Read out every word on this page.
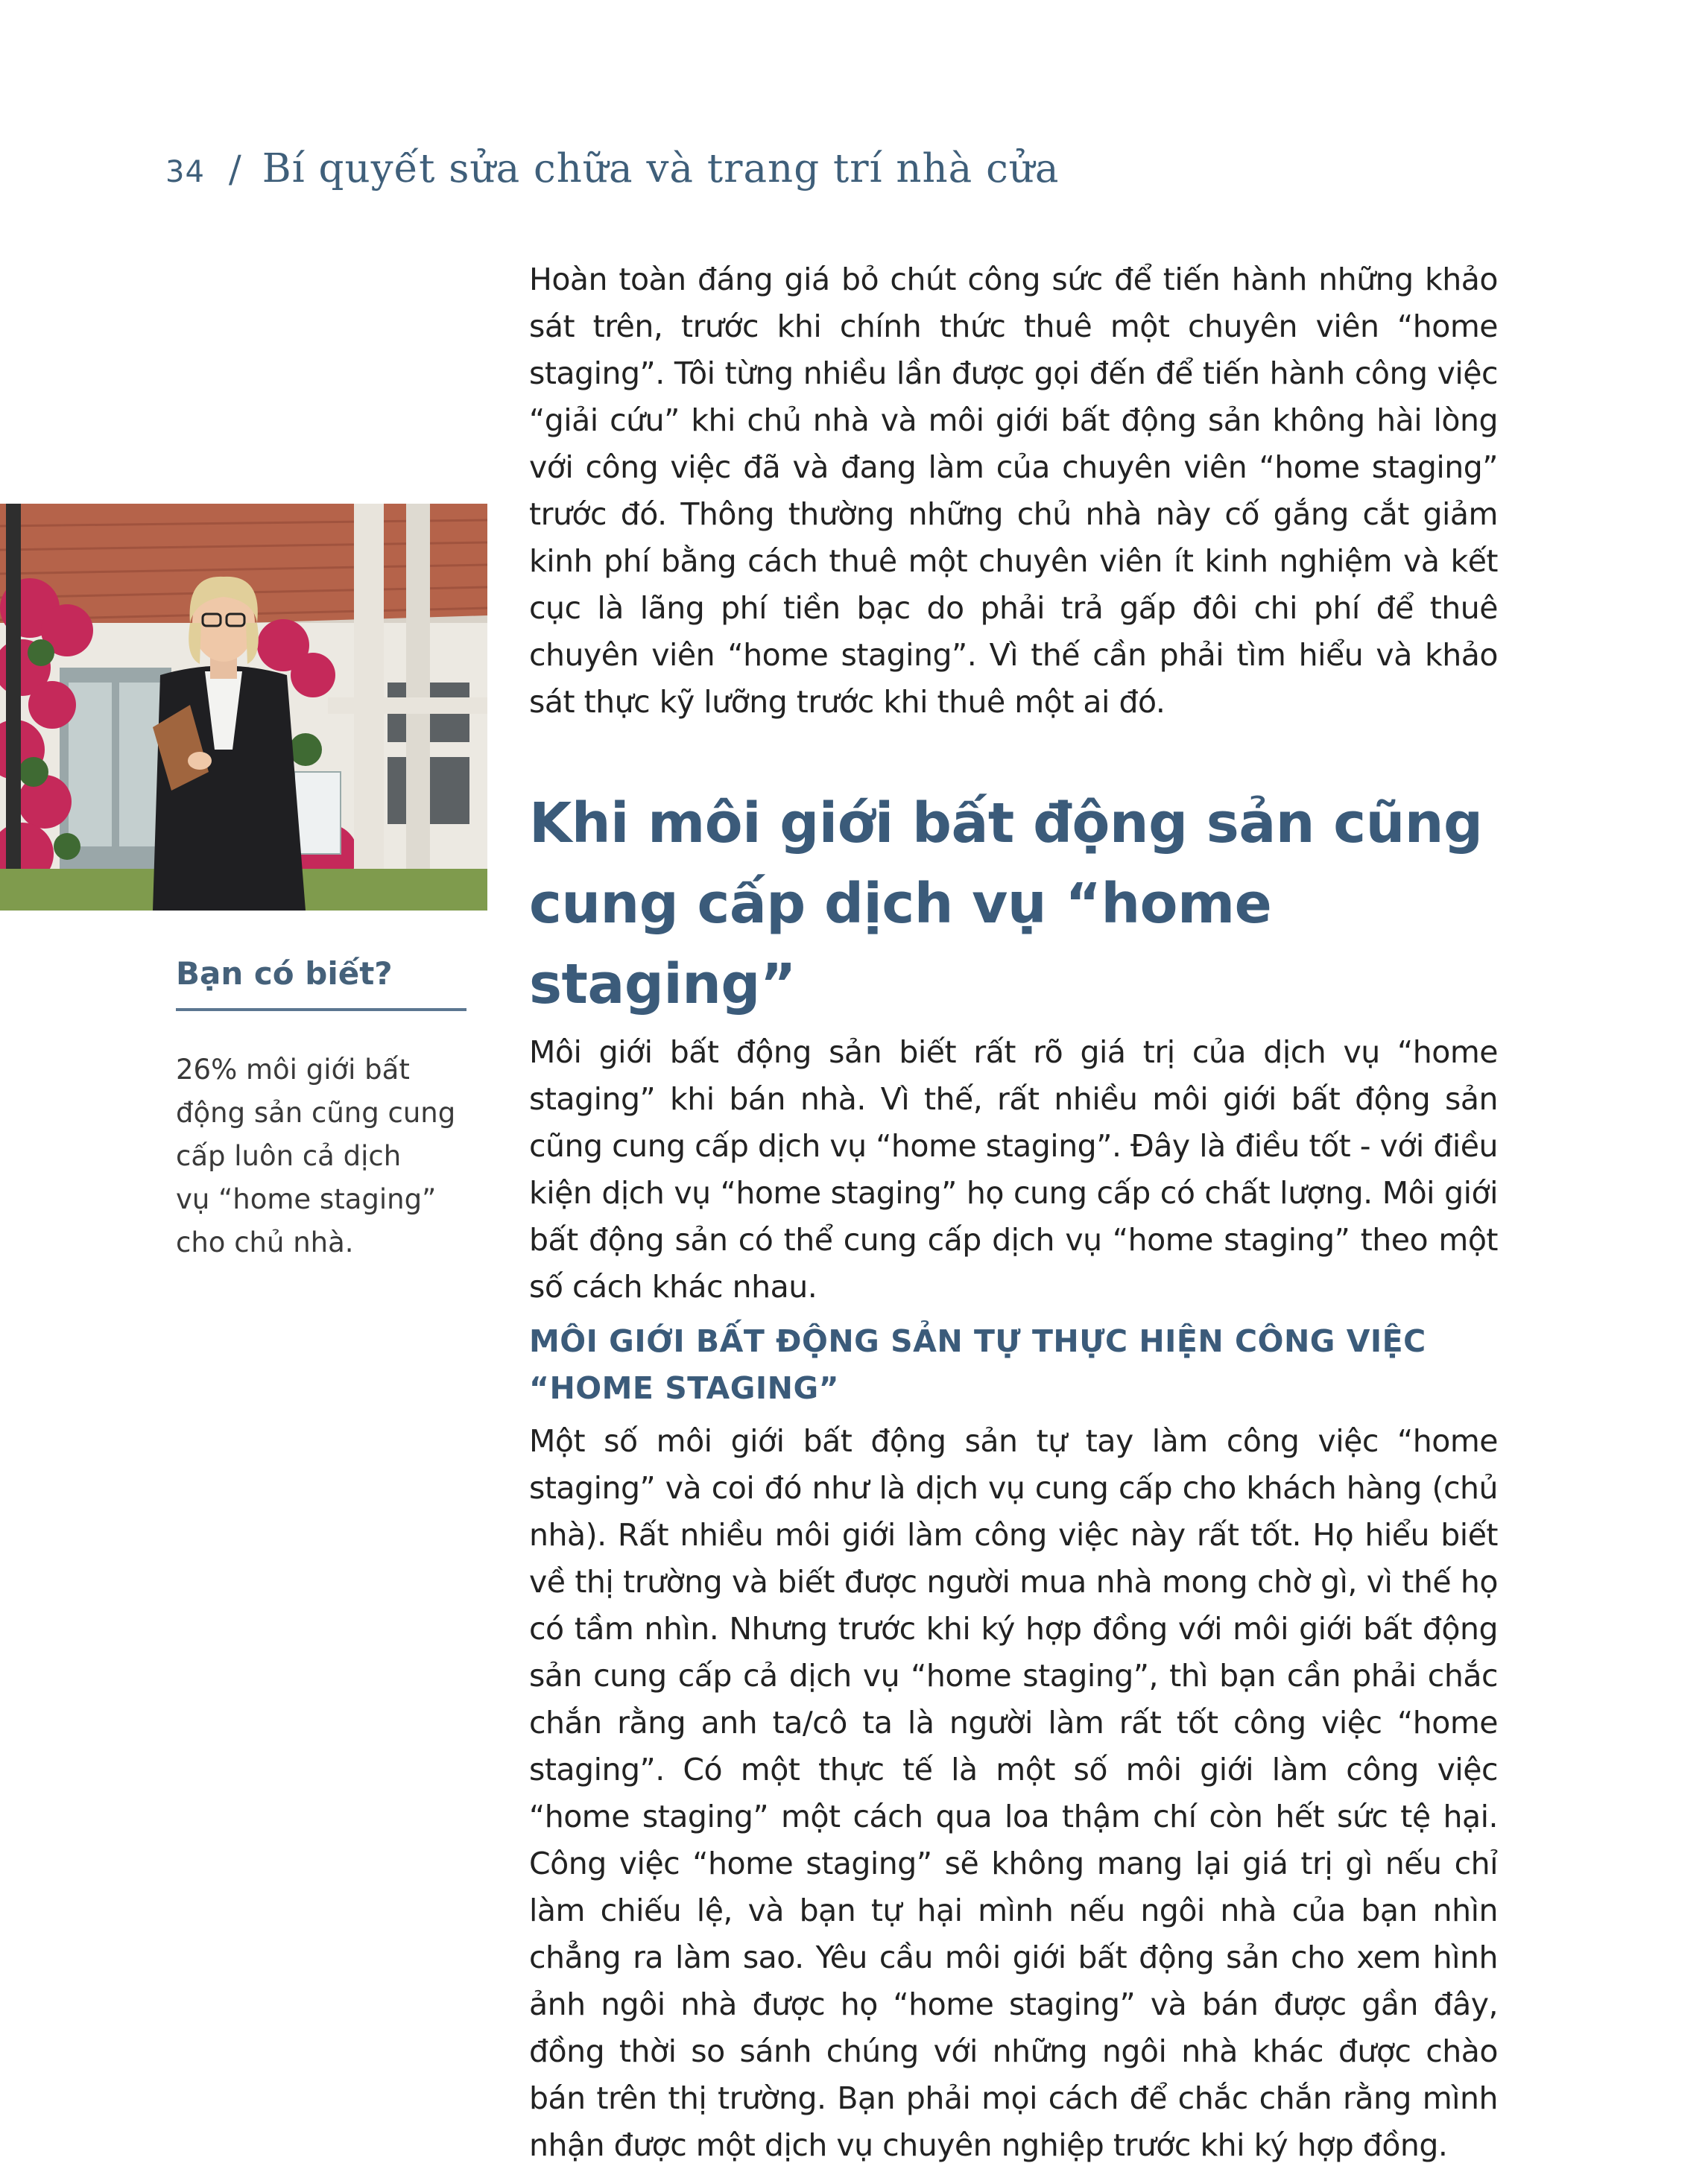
34 / Bí quyết sửa chữa và trang trí nhà cửa
Bạn có biết?
26% môi giới bất
động sản cũng cung
cấp luôn cả dịch
vụ “home staging”
cho chủ nhà.

Hoàn toàn đáng giá bỏ chút công sức để tiến hành những khảo sát trên, trước khi chính thức thuê một chuyên viên “home staging”. Tôi từng nhiều lần được gọi đến để tiến hành công việc “giải cứu” khi chủ nhà và môi giới bất động sản không hài lòng với công việc đã và đang làm của chuyên viên “home staging” trước đó. Thông thường những chủ nhà này cố gắng cắt giảm kinh phí bằng cách thuê một chuyên viên ít kinh nghiệm và kết cục là lãng phí tiền bạc do phải trả gấp đôi chi phí để thuê chuyên viên “home staging”. Vì thế cần phải tìm hiểu và khảo sát thực kỹ lưỡng trước khi thuê một ai đó.

Khi môi giới bất động sản cũng
cung cấp dịch vụ “home staging”

Môi giới bất động sản biết rất rõ giá trị của dịch vụ “home staging” khi bán nhà. Vì thế, rất nhiều môi giới bất động sản cũng cung cấp dịch vụ “home staging”. Đây là điều tốt - với điều kiện dịch vụ “home staging” họ cung cấp có chất lượng. Môi giới bất động sản có thể cung cấp dịch vụ “home staging” theo một số cách khác nhau.

MÔI GIỚI BẤT ĐỘNG SẢN TỰ THỰC HIỆN CÔNG VIỆC
“HOME STAGING”

Một số môi giới bất động sản tự tay làm công việc “home staging” và coi đó như là dịch vụ cung cấp cho khách hàng (chủ nhà). Rất nhiều môi giới làm công việc này rất tốt. Họ hiểu biết về thị trường và biết được người mua nhà mong chờ gì, vì thế họ có tầm nhìn. Nhưng trước khi ký hợp đồng với môi giới bất động sản cung cấp cả dịch vụ “home staging”, thì bạn cần phải chắc chắn rằng anh ta/cô ta là người làm rất tốt công việc “home staging”. Có một thực tế là một số môi giới làm công việc “home staging” một cách qua loa thậm chí còn hết sức tệ hại. Công việc “home staging” sẽ không mang lại giá trị gì nếu chỉ làm chiếu lệ, và bạn tự hại mình nếu ngôi nhà của bạn nhìn chẳng ra làm sao. Yêu cầu môi giới bất động sản cho xem hình ảnh ngôi nhà được họ “home staging” và bán được gần đây, đồng thời so sánh chúng với những ngôi nhà khác được chào bán trên thị trường. Bạn phải mọi cách để chắc chắn rằng mình nhận được một dịch vụ chuyên nghiệp trước khi ký hợp đồng.
